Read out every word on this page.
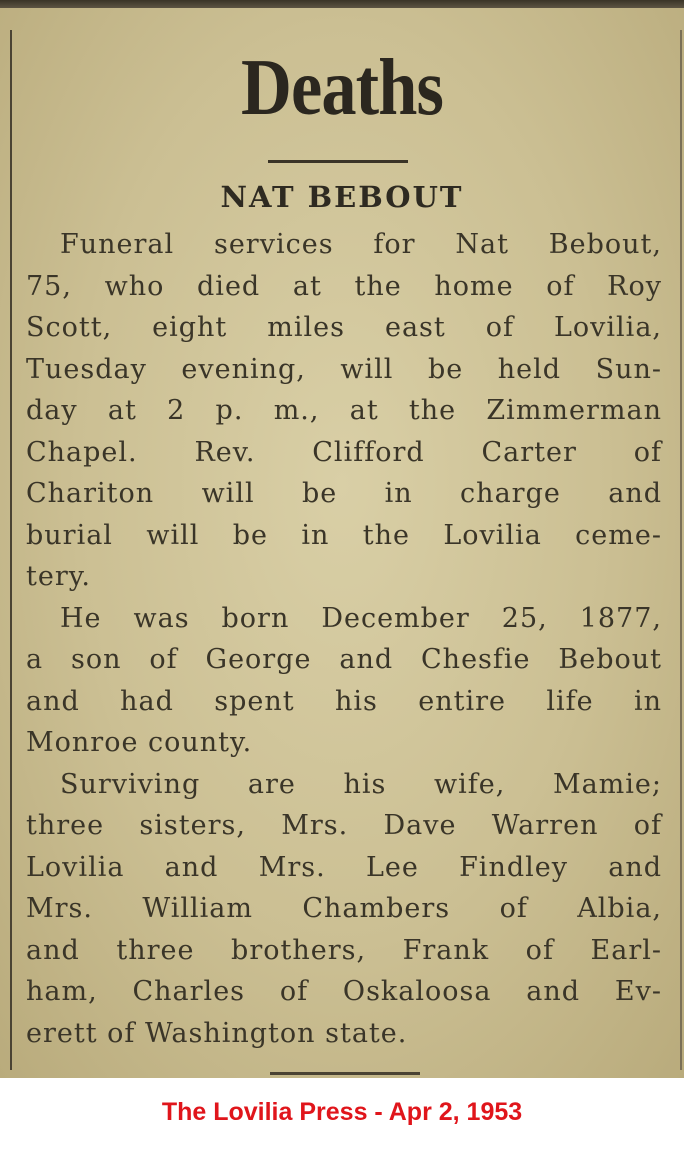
Deaths
NAT BEBOUT
Funeral services for Nat Bebout,
75, who died at the home of Roy
Scott, eight miles east of Lovilia,
Tuesday evening, will be held Sun-
day at 2 p. m., at the Zimmerman
Chapel. Rev. Clifford Carter of
Chariton will be in charge and
burial will be in the Lovilia ceme-
tery.
He was born December 25, 1877,
a son of George and Chesfie Bebout
and had spent his entire life in
Monroe county.
Surviving are his wife, Mamie;
three sisters, Mrs. Dave Warren of
Lovilia and Mrs. Lee Findley and
Mrs. William Chambers of Albia,
and three brothers, Frank of Earl-
ham, Charles of Oskaloosa and Ev-
erett of Washington state.
The Lovilia Press - Apr 2, 1953
